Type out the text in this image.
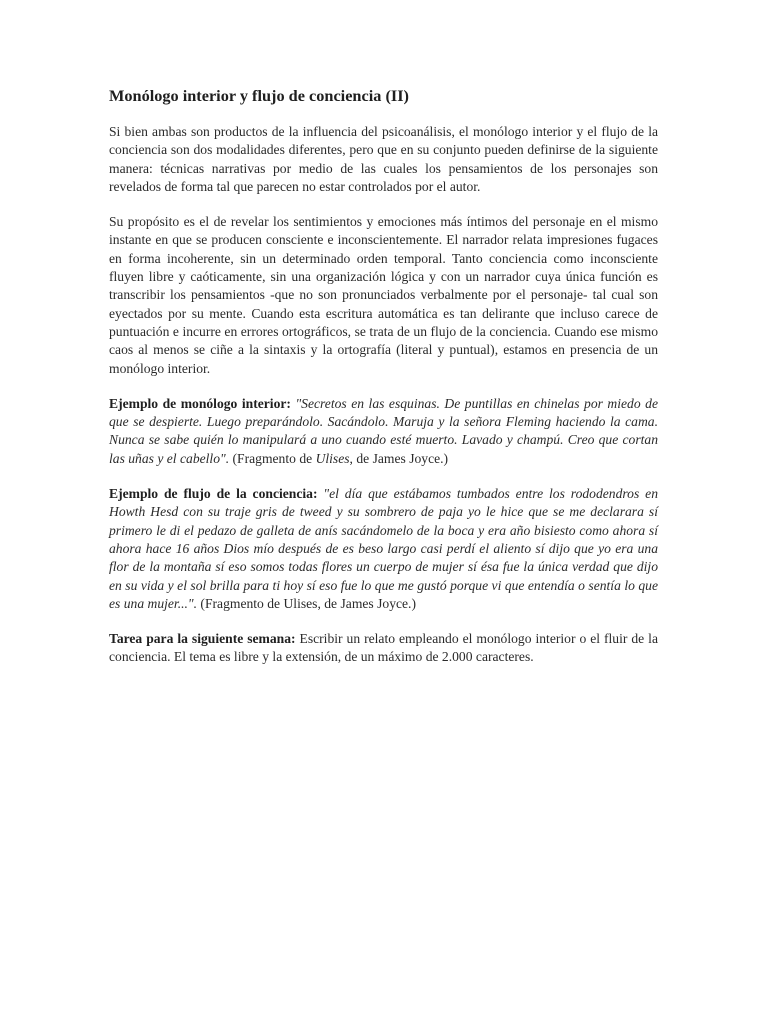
Monólogo interior y flujo de conciencia (II)

Si bien ambas son productos de la influencia del psicoanálisis, el monólogo interior y el flujo de la conciencia son dos modalidades diferentes, pero que en su conjunto pueden definirse de la siguiente manera: técnicas narrativas por medio de las cuales los pensamientos de los personajes son revelados de forma tal que parecen no estar controlados por el autor.

Su propósito es el de revelar los sentimientos y emociones más íntimos del personaje en el mismo instante en que se producen consciente e inconscientemente. El narrador relata impresiones fugaces en forma incoherente, sin un determinado orden temporal. Tanto conciencia como inconsciente fluyen libre y caóticamente, sin una organización lógica y con un narrador cuya única función es transcribir los pensamientos -que no son pronunciados verbalmente por el personaje- tal cual son eyectados por su mente. Cuando esta escritura automática es tan delirante que incluso carece de puntuación e incurre en errores ortográficos, se trata de un flujo de la conciencia. Cuando ese mismo caos al menos se ciñe a la sintaxis y la ortografía (literal y puntual), estamos en presencia de un monólogo interior.

Ejemplo de monólogo interior: "Secretos en las esquinas. De puntillas en chinelas por miedo de que se despierte. Luego preparándolo. Sacándolo. Maruja y la señora Fleming haciendo la cama. Nunca se sabe quién lo manipulará a uno cuando esté muerto. Lavado y champú. Creo que cortan las uñas y el cabello". (Fragmento de Ulises, de James Joyce.)

Ejemplo de flujo de la conciencia: "el día que estábamos tumbados entre los rododendros en Howth Hesd con su traje gris de tweed y su sombrero de paja yo le hice que se me declarara sí primero le di el pedazo de galleta de anís sacándomelo de la boca y era año bisiesto como ahora sí ahora hace 16 años Dios mío después de es beso largo casi perdí el aliento sí dijo que yo era una flor de la montaña sí eso somos todas flores un cuerpo de mujer sí ésa fue la única verdad que dijo en su vida y el sol brilla para ti hoy sí eso fue lo que me gustó porque vi que entendía o sentía lo que es una mujer...". (Fragmento de Ulises, de James Joyce.)

Tarea para la siguiente semana: Escribir un relato empleando el monólogo interior o el fluir de la conciencia. El tema es libre y la extensión, de un máximo de 2.000 caracteres.
